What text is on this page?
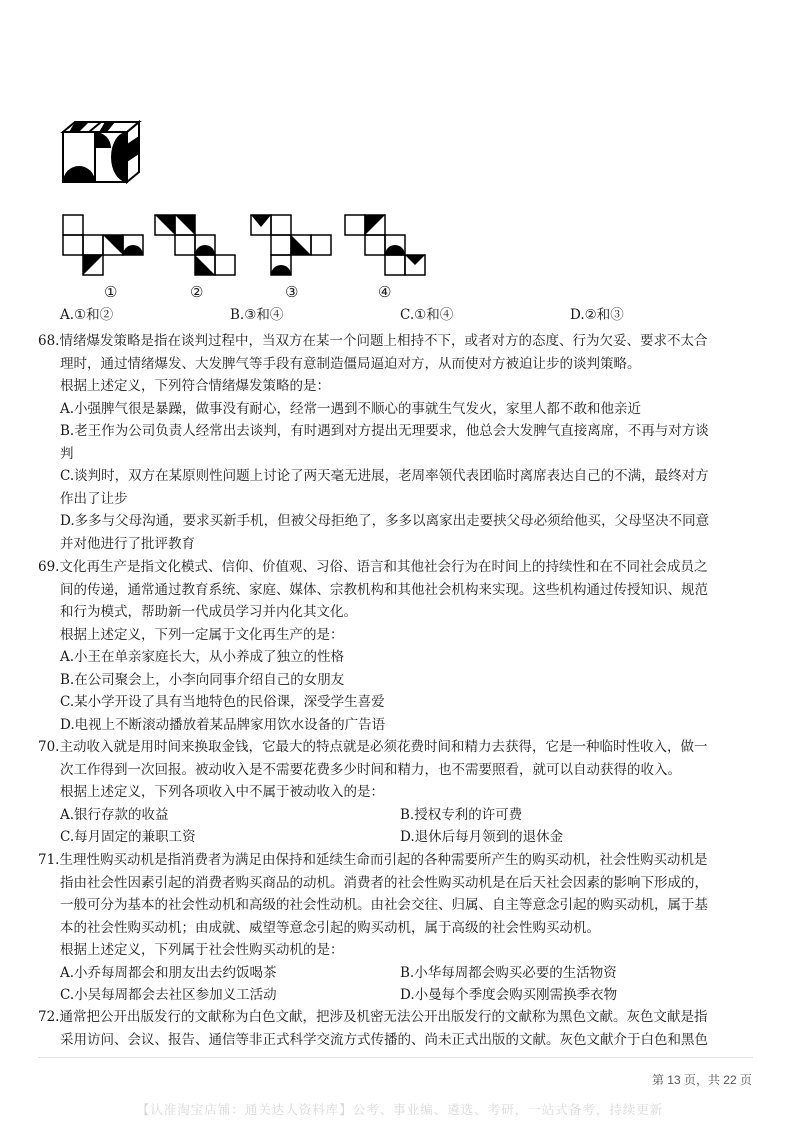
①	②	③	④
A.①和②	B.③和④	C.①和④	D.②和③

68.情绪爆发策略是指在谈判过程中，当双方在某一个问题上相持不下，或者对方的态度、行为欠妥、要求不太合

理时，通过情绪爆发、大发脾气等手段有意制造僵局逼迫对方，从而使对方被迫让步的谈判策略。

根据上述定义，下列符合情绪爆发策略的是：

A.小强脾气很是暴躁，做事没有耐心，经常一遇到不顺心的事就生气发火，家里人都不敢和他亲近

B.老王作为公司负责人经常出去谈判，有时遇到对方提出无理要求，他总会大发脾气直接离席，不再与对方谈

判

C.谈判时，双方在某原则性问题上讨论了两天毫无进展，老周率领代表团临时离席表达自己的不满，最终对方

作出了让步

D.多多与父母沟通，要求买新手机，但被父母拒绝了，多多以离家出走要挟父母必须给他买，父母坚决不同意

并对他进行了批评教育

69.文化再生产是指文化模式、信仰、价值观、习俗、语言和其他社会行为在时间上的持续性和在不同社会成员之

间的传递，通常通过教育系统、家庭、媒体、宗教机构和其他社会机构来实现。这些机构通过传授知识、规范

和行为模式，帮助新一代成员学习并内化其文化。

根据上述定义，下列一定属于文化再生产的是：

A.小王在单亲家庭长大，从小养成了独立的性格

B.在公司聚会上，小李向同事介绍自己的女朋友

C.某小学开设了具有当地特色的民俗课，深受学生喜爱

D.电视上不断滚动播放着某品牌家用饮水设备的广告语

70.主动收入就是用时间来换取金钱，它最大的特点就是必须花费时间和精力去获得，它是一种临时性收入，做一

次工作得到一次回报。被动收入是不需要花费多少时间和精力，也不需要照看，就可以自动获得的收入。

根据上述定义，下列各项收入中不属于被动收入的是：

A.银行存款的收益	B.授权专利的许可费
C.每月固定的兼职工资	D.退休后每月领到的退休金

71.生理性购买动机是指消费者为满足由保持和延续生命而引起的各种需要所产生的购买动机，社会性购买动机是

指由社会性因素引起的消费者购买商品的动机。消费者的社会性购买动机是在后天社会因素的影响下形成的，

一般可分为基本的社会性动机和高级的社会性动机。由社会交往、归属、自主等意念引起的购买动机，属于基

本的社会性购买动机；由成就、威望等意念引起的购买动机，属于高级的社会性购买动机。

根据上述定义，下列属于社会性购买动机的是：

A.小乔每周都会和朋友出去约饭喝茶	B.小华每周都会购买必要的生活物资
C.小吴每周都会去社区参加义工活动	D.小曼每个季度会购买刚需换季衣物

72.通常把公开出版发行的文献称为白色文献，把涉及机密无法公开出版发行的文献称为黑色文献。灰色文献是指

采用访问、会议、报告、通信等非正式科学交流方式传播的、尚未正式出版的文献。灰色文献介于白色和黑色

第 13 页，共 22 页
【认准淘宝店铺：通关达人资料库】公考、事业编、遴选、考研，一站式备考，持续更新
